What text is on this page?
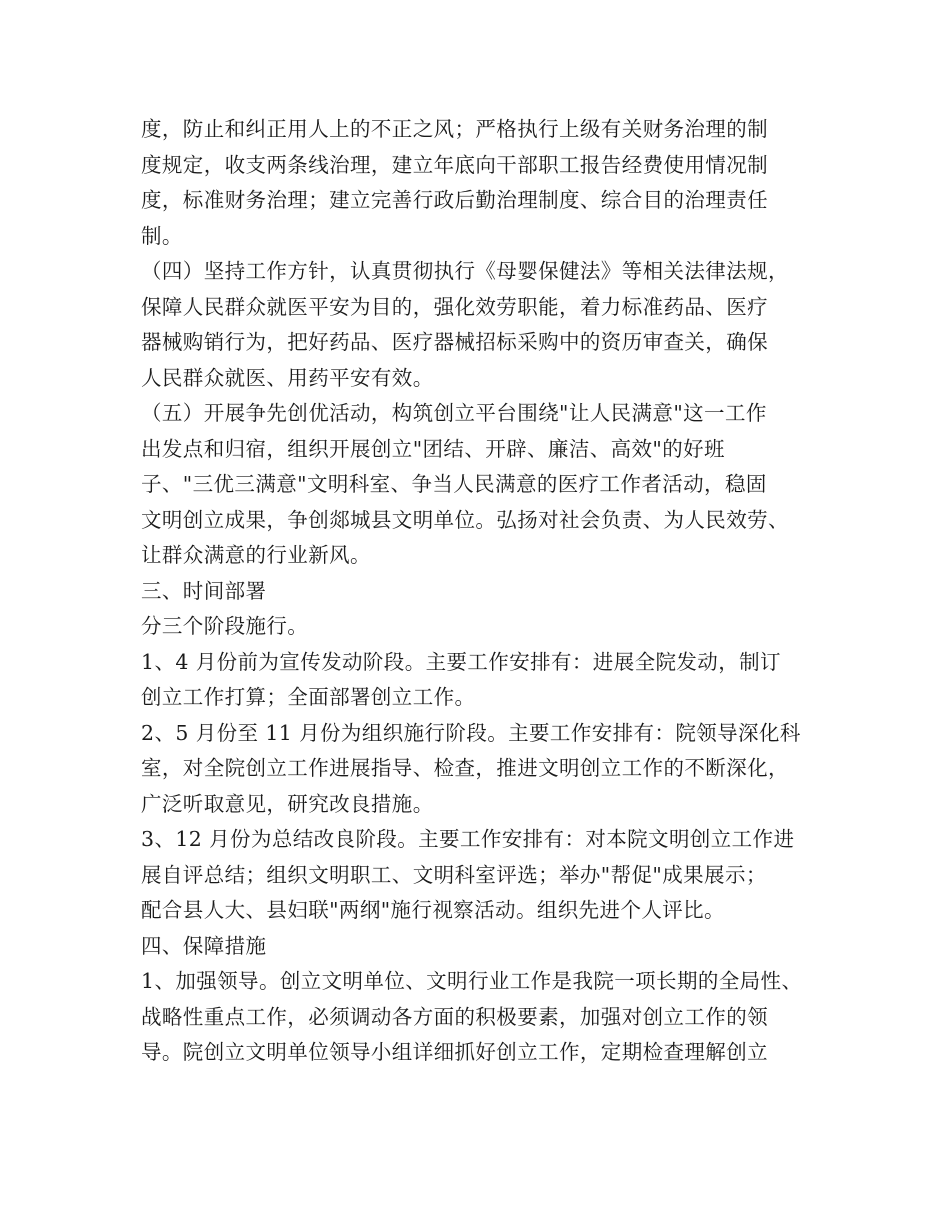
度，防止和纠正用人上的不正之风；严格执行上级有关财务治理的制
度规定，收支两条线治理，建立年底向干部职工报告经费使用情况制
度，标准财务治理；建立完善行政后勤治理制度、综合目的治理责任
制。
（四）坚持工作方针，认真贯彻执行《母婴保健法》等相关法律法规，
保障人民群众就医平安为目的，强化效劳职能，着力标准药品、医疗
器械购销行为，把好药品、医疗器械招标采购中的资历审查关，确保
人民群众就医、用药平安有效。
（五）开展争先创优活动，构筑创立平台围绕"让人民满意"这一工作
出发点和归宿，组织开展创立"团结、开辟、廉洁、高效"的好班
子、"三优三满意"文明科室、争当人民满意的医疗工作者活动，稳固
文明创立成果，争创郯城县文明单位。弘扬对社会负责、为人民效劳、
让群众满意的行业新风。
三、时间部署
分三个阶段施行。
1、4 月份前为宣传发动阶段。主要工作安排有：进展全院发动，制订
创立工作打算；全面部署创立工作。
2、5 月份至 11 月份为组织施行阶段。主要工作安排有：院领导深化科
室，对全院创立工作进展指导、检查，推进文明创立工作的不断深化，
广泛听取意见，研究改良措施。
3、12 月份为总结改良阶段。主要工作安排有：对本院文明创立工作进
展自评总结；组织文明职工、文明科室评选；举办"帮促"成果展示；
配合县人大、县妇联"两纲"施行视察活动。组织先进个人评比。
四、保障措施
1、加强领导。创立文明单位、文明行业工作是我院一项长期的全局性、
战略性重点工作，必须调动各方面的积极要素，加强对创立工作的领
导。院创立文明单位领导小组详细抓好创立工作，定期检查理解创立
